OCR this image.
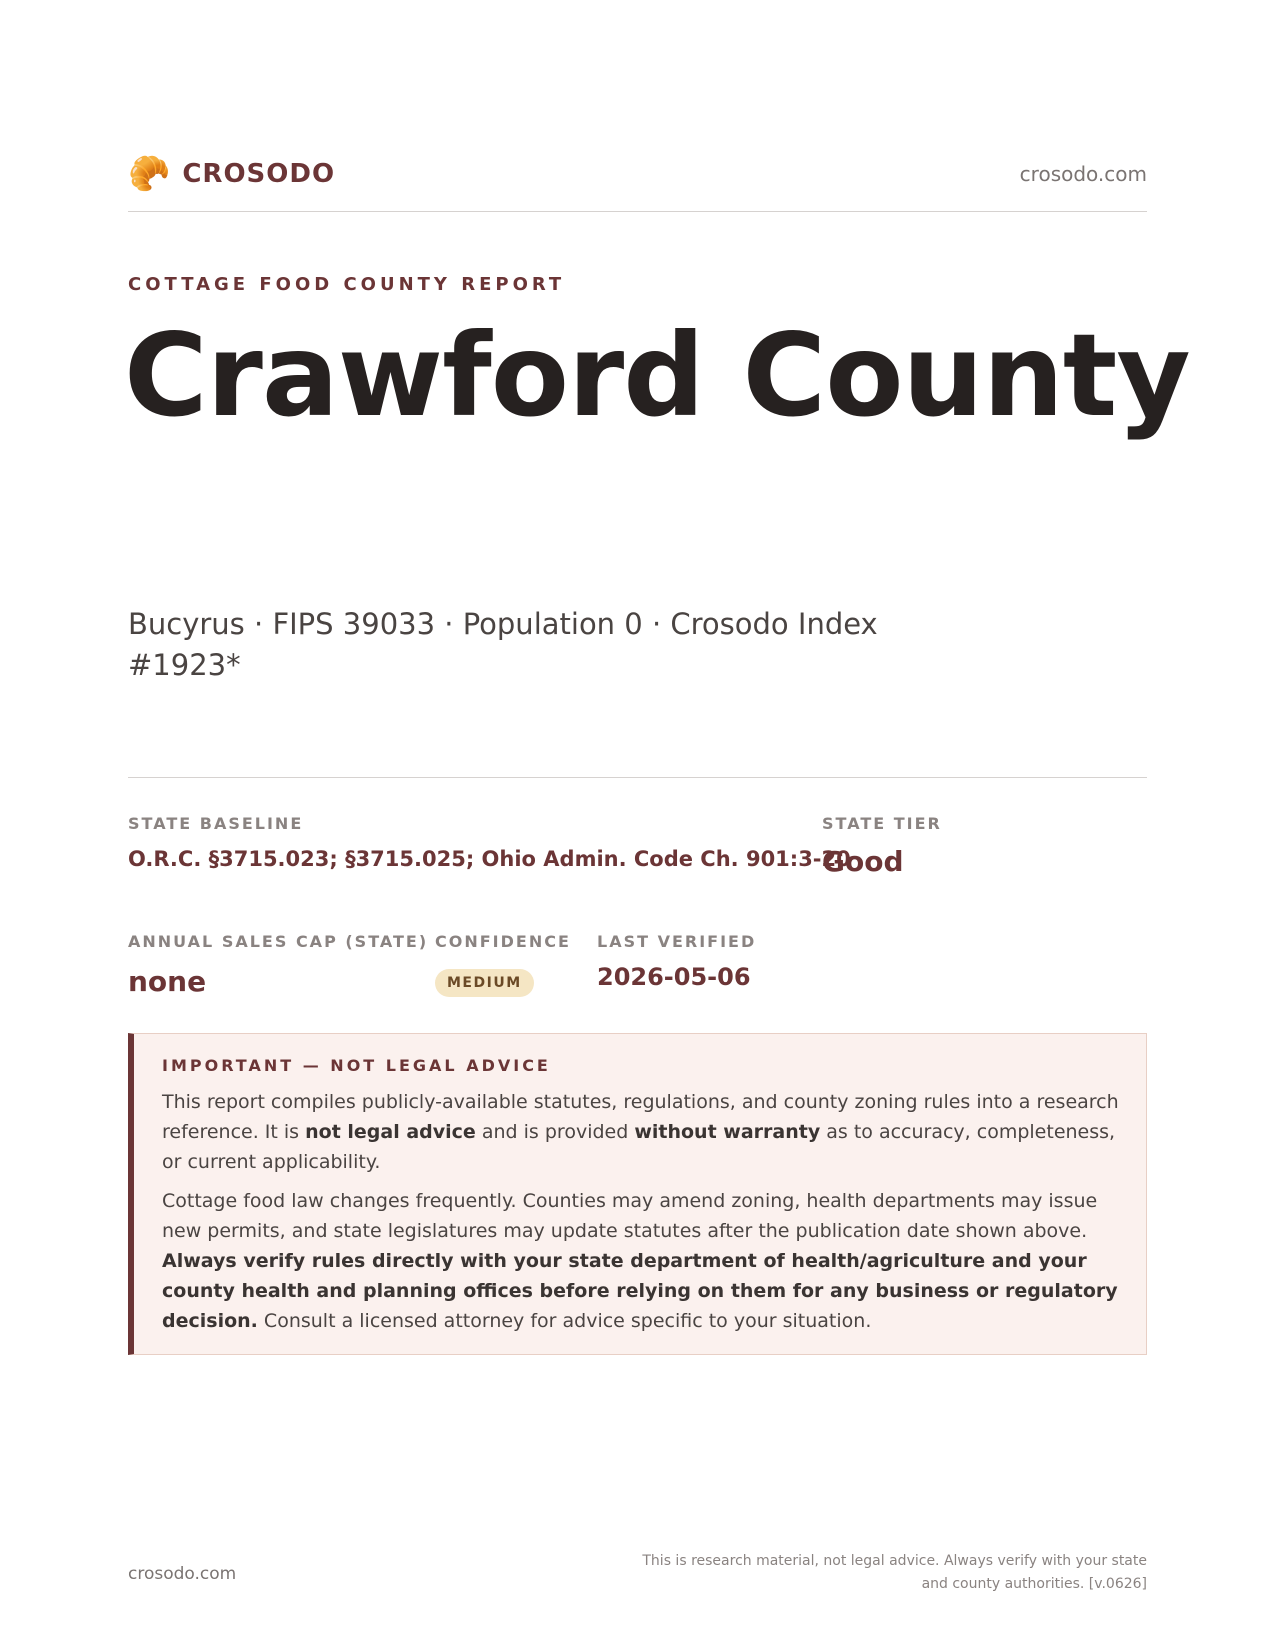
🥐 CROSODO	crosodo.com
COTTAGE FOOD COUNTY REPORT
Crawford County
Bucyrus · FIPS 39033 · Population 0 · Crosodo Index #1923*
STATE BASELINE
O.R.C. §3715.023; §3715.025; Ohio Admin. Code Ch. 901:3-20
STATE TIER
Good
ANNUAL SALES CAP (STATE)
none
CONFIDENCE
MEDIUM
LAST VERIFIED
2026-05-06
IMPORTANT — NOT LEGAL ADVICE

This report compiles publicly-available statutes, regulations, and county zoning rules into a research reference. It is not legal advice and is provided without warranty as to accuracy, completeness, or current applicability.

Cottage food law changes frequently. Counties may amend zoning, health departments may issue new permits, and state legislatures may update statutes after the publication date shown above. Always verify rules directly with your state department of health/agriculture and your county health and planning offices before relying on them for any business or regulatory decision. Consult a licensed attorney for advice specific to your situation.

crosodo.com
This is research material, not legal advice. Always verify with your state and county authorities. [v.0626]
